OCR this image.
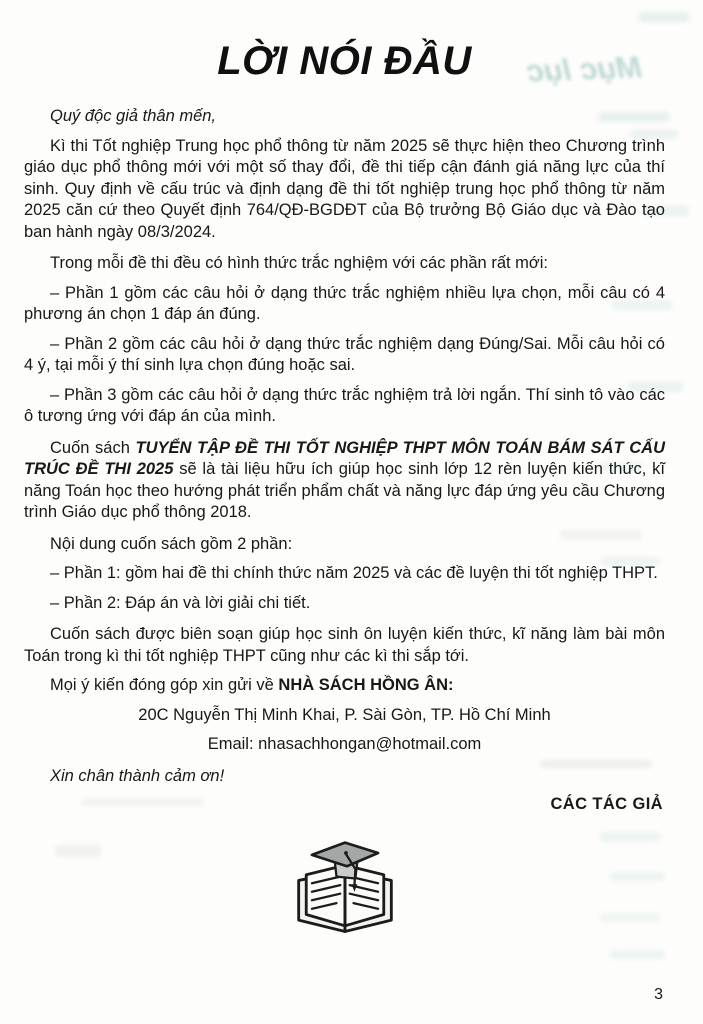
Mục lục
LỜI NÓI ĐẦU

Quý độc giả thân mến,

Kì thi Tốt nghiệp Trung học phổ thông từ năm 2025 sẽ thực hiện theo Chương trình giáo dục phổ thông mới với một số thay đổi, đề thi tiếp cận đánh giá năng lực của thí sinh. Quy định về cấu trúc và định dạng đề thi tốt nghiệp trung học phổ thông từ năm 2025 căn cứ theo Quyết định 764/QĐ-BGDĐT của Bộ trưởng Bộ Giáo dục và Đào tạo ban hành ngày 08/3/2024.

Trong mỗi đề thi đều có hình thức trắc nghiệm với các phần rất mới:

– Phần 1 gồm các câu hỏi ở dạng thức trắc nghiệm nhiều lựa chọn, mỗi câu có 4 phương án chọn 1 đáp án đúng.

– Phần 2 gồm các câu hỏi ở dạng thức trắc nghiệm dạng Đúng/Sai. Mỗi câu hỏi có 4 ý, tại mỗi ý thí sinh lựa chọn đúng hoặc sai.

– Phần 3 gồm các câu hỏi ở dạng thức trắc nghiệm trả lời ngắn. Thí sinh tô vào các ô tương ứng với đáp án của mình.

Cuốn sách TUYỂN TẬP ĐỀ THI TỐT NGHIỆP THPT MÔN TOÁN BÁM SÁT CẤU TRÚC ĐỀ THI 2025 sẽ là tài liệu hữu ích giúp học sinh lớp 12 rèn luyện kiến thức, kĩ năng Toán học theo hướng phát triển phẩm chất và năng lực đáp ứng yêu cầu Chương trình Giáo dục phổ thông 2018.

Nội dung cuốn sách gồm 2 phần:

– Phần 1: gồm hai đề thi chính thức năm 2025 và các đề luyện thi tốt nghiệp THPT.

– Phần 2: Đáp án và lời giải chi tiết.

Cuốn sách được biên soạn giúp học sinh ôn luyện kiến thức, kĩ năng làm bài môn Toán trong kì thi tốt nghiệp THPT cũng như các kì thi sắp tới.

Mọi ý kiến đóng góp xin gửi về NHÀ SÁCH HỒNG ÂN:

20C Nguyễn Thị Minh Khai, P. Sài Gòn, TP. Hồ Chí Minh

Email: nhasachhongan@hotmail.com

Xin chân thành cảm ơn!

CÁC TÁC GIẢ
3
